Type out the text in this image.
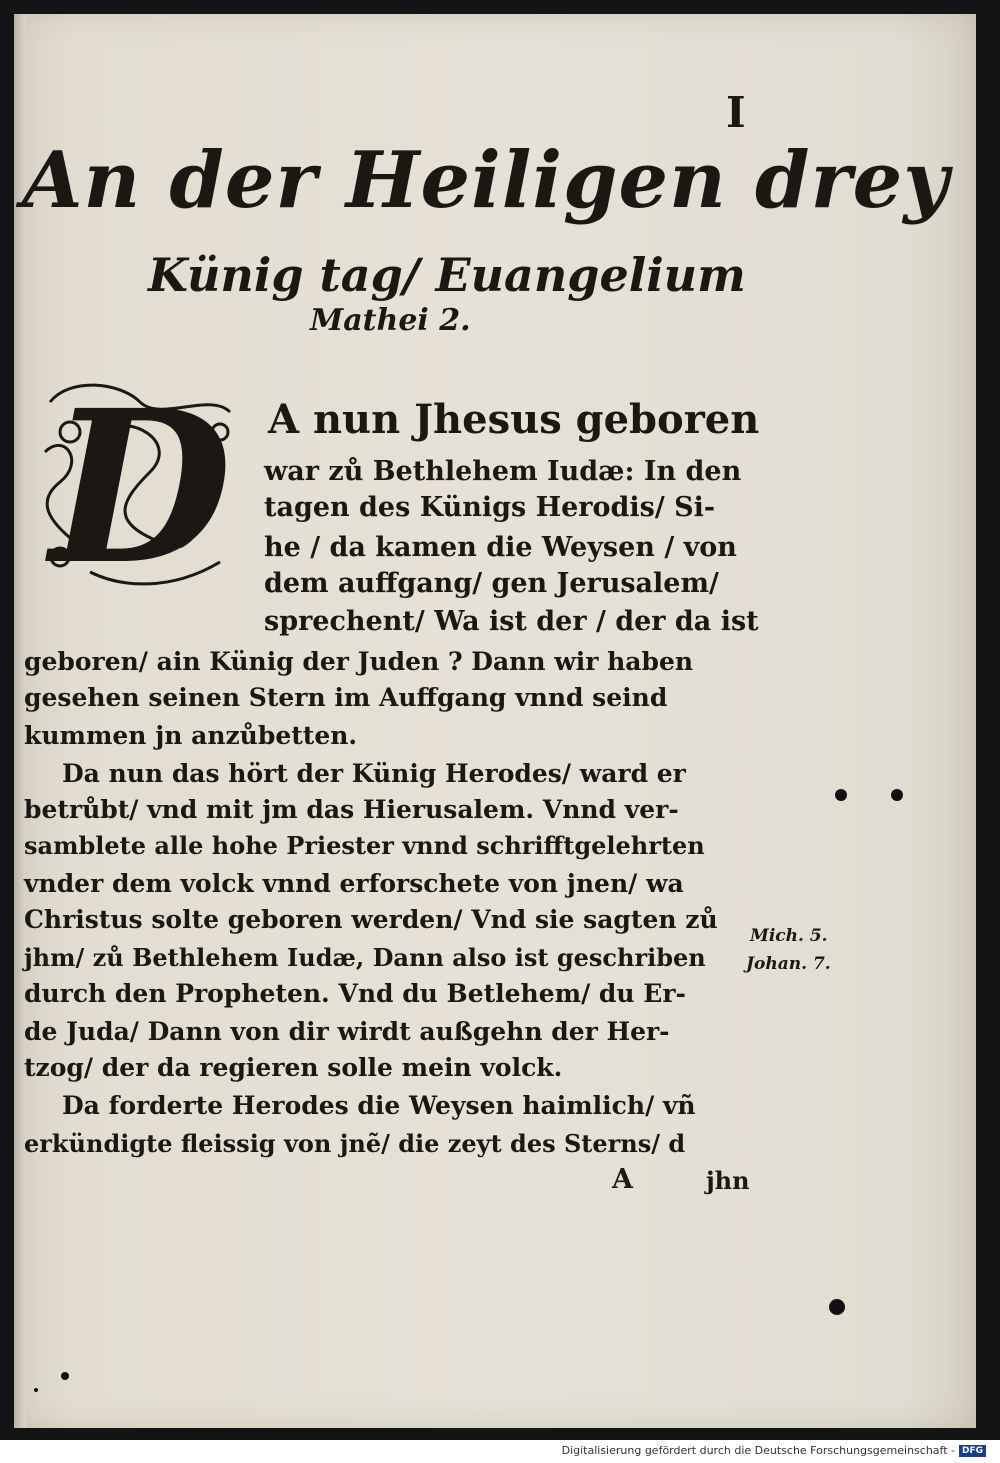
I
An der Heiligen drey
Künig tag/ Euangelium
Mathei 2.
D A nun Jhesus geboren
war zů Bethlehem Iudæ: In den
tagen des Künigs Herodis/ Si-
he / da kamen die Weysen / von
dem auffgang/ gen Jerusalem/
sprechent/ Wa ist der / der da ist
geboren/ ain Künig der Juden ? Dann wir haben
gesehen seinen Stern im Auffgang vnnd seind
kummen jn anzůbetten.
Da nun das hört der Künig Herodes/ ward er
betrůbt/ vnd mit jm das Hierusalem. Vnnd ver-
samblete alle hohe Priester vnnd schrifftgelehrten
vnder dem volck vnnd erforschete von jnen/ wa
Christus solte geboren werden/ Vnd sie sagten zů
jhm/ zů Bethlehem Iudæ, Dann also ist geschriben
durch den Propheten. Vnd du Betlehem/ du Er-
de Juda/ Dann von dir wirdt außgehn der Her-
tzog/ der da regieren solle mein volck.
Da forderte Herodes die Weysen haimlich/ vñ
erkündigte fleissig von jnẽ/ die zeyt des Sterns/ d
Mich. 5.
Johan. 7.
A	jhn
Digitalisierung gefördert durch die Deutsche Forschungsgemeinschaft - DFG
